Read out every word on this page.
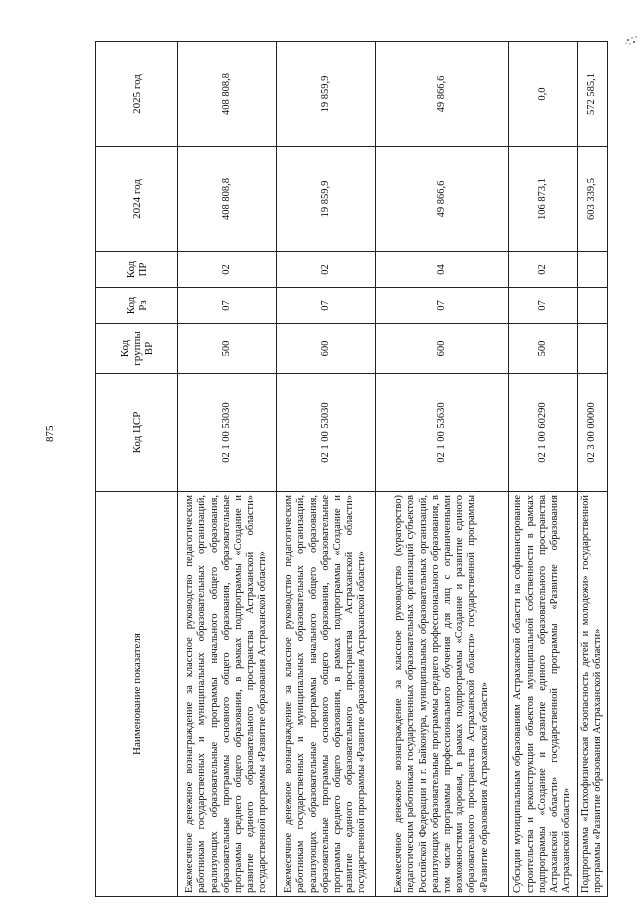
875
Наименование показателя	Код ЦСР	Код группы ВР	Код Рз	Код ПР	2024 год	2025 год
Ежемесячное денежное вознаграждение за классное руководство педагогическим работникам государственных и муниципальных образовательных организаций, реализующих образовательные программы начального общего образования, образовательные программы основного общего образования, образовательные программы среднего общего образования, в рамках подпрограммы «Создание и развитие единого образовательного пространства Астраханской области» государственной программы «Развитие образования Астраханской области»	02 1 00 53030	500	07	02	408 808,8	408 808,8
Ежемесячное денежное вознаграждение за классное руководство педагогическим работникам государственных и муниципальных образовательных организаций, реализующих образовательные программы начального общего образования, образовательные программы основного общего образования, образовательные программы среднего общего образования, в рамках подпрограммы «Создание и развитие единого образовательного пространства Астраханской области» государственной программы «Развитие образования Астраханской области»	02 1 00 53030	600	07	02	19 859,9	19 859,9
Ежемесячное денежное вознаграждение за классное руководство (кураторство) педагогическим работникам государственных образовательных организаций субъектов Российской Федерации и г. Байконура, муниципальных образовательных организаций, реализующих образовательные программы среднего профессионального образования, в том числе программы профессионального обучения для лиц с ограниченными возможностями здоровья, в рамках подпрограммы «Создание и развитие единого образовательного пространства Астраханской области» государственной программы «Развитие образования Астраханской области»	02 1 00 53630	600	07	04	49 866,6	49 866,6
Субсидии муниципальным образованиям Астраханской области на софинансирование строительства и реконструкции объектов муниципальной собственности в рамках подпрограммы «Создание и развитие единого образовательного пространства Астраханской области» государственной программы «Развитие образования Астраханской области»	02 1 00 60290	500	07	02	106 873,1	0,0
Подпрограмма «Психофизическая безопасность детей и молодежи» государственной программы «Развитие образования Астраханской области»	02 3 00 00000				603 339,5	572 585,1
